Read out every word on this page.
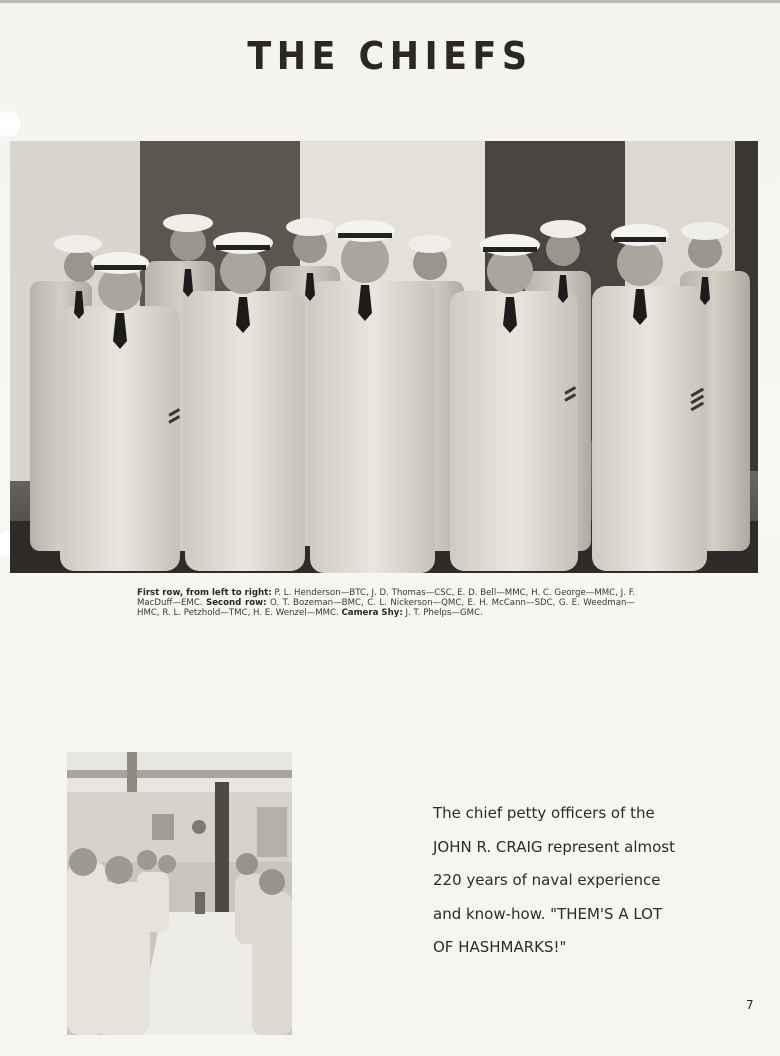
THE CHIEFS
First row, from left to right: P. L. Henderson—BTC, J. D. Thomas—CSC, E. D. Bell—MMC, H. C. George—MMC, J. F. MacDuff—EMC. Second row: O. T. Bozeman—BMC, C. L. Nickerson—QMC, E. H. McCann—SDC, G. E. Weedman—HMC, R. L. Petzhold—TMC, H. E. Wenzel—MMC. Camera Shy: J. T. Phelps—GMC.
The chief petty officers of the
JOHN R. CRAIG represent almost
220 years of naval experience
and know-how. "THEM'S A LOT
OF HASHMARKS!"
7
